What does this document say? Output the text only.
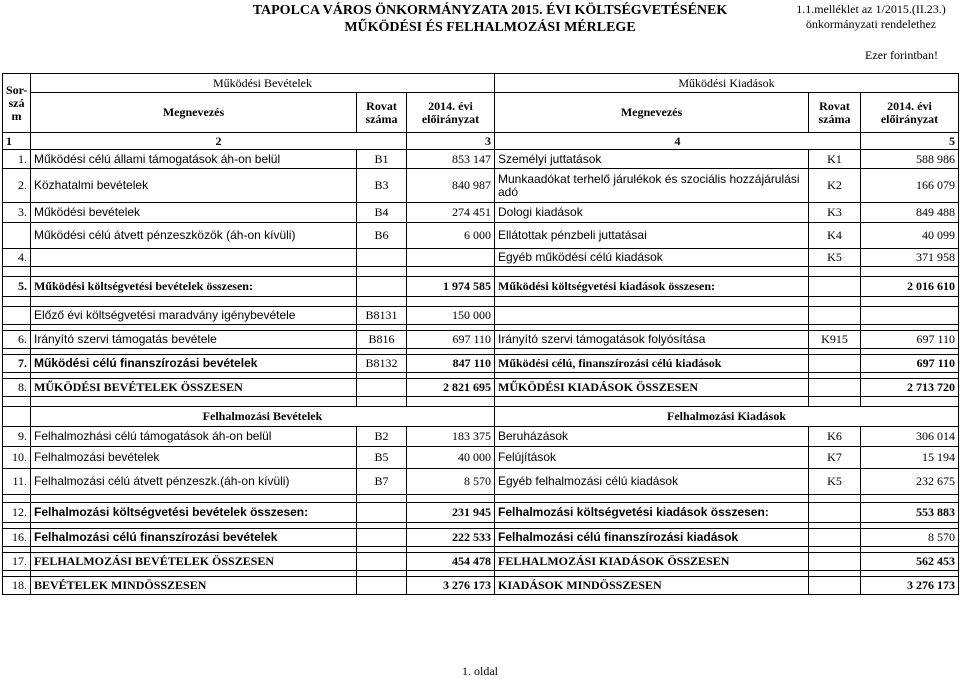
TAPOLCA VÁROS ÖNKORMÁNYZATA 2015. ÉVI KÖLTSÉGVETÉSÉNEK
MŰKÖDÉSI ÉS FELHALMOZÁSI MÉRLEGE
1.1.melléklet az 1/2015.(II.23.)
önkormányzati rendelethez
Ezer forintban!
Sor-szá m	Működési Bevételek			Működési Kiadások		
	Megnevezés	Rovat száma	2014. évi előirányzat	Megnevezés	Rovat száma	2014. évi előirányzat
1	2		3	4		5
1.	Működési célú állami támogatások áh-on belül	B1	853 147	Személyi juttatások	K1	588 986
2.	Közhatalmi bevételek	B3	840 987	Munkaadókat terhelő járulékok és szociális hozzájárulási adó	K2	166 079
3.	Működési bevételek	B4	274 451	Dologi kiadások	K3	849 488
	Működési célú átvett pénzeszközök (áh-on kívüli)	B6	6 000	Ellátottak pénzbeli juttatásai	K4	40 099
4.				Egyéb működési célú kiadások	K5	371 958

5.	Működési költségvetési bevételek összesen:		1 974 585	Működési költségvetési kiadások összesen:		2 016 610

	Előző évi költségvetési maradvány igénybevétele	B8131	150 000			

6.	Irányító szervi támogatás bevétele	B816	697 110	Irányító szervi támogatások folyósítása	K915	697 110

7.	Működési célú finanszírozási bevételek	B8132	847 110	Működési célú, finanszírozási célú kiadások		697 110

8.	MŰKÖDÉSI BEVÉTELEK ÖSSZESEN		2 821 695	MŰKÖDÉSI KIADÁSOK ÖSSZESEN		2 713 720

	Felhalmozási Bevételek			Felhalmozási Kiadások		
9.	Felhalmozhási célú támogatások áh-on belül	B2	183 375	Beruházások	K6	306 014
10.	Felhalmozási bevételek	B5	40 000	Felújítások	K7	15 194
11.	Felhalmozási célú átvett pénzeszk.(áh-on kívüli)	B7	8 570	Egyéb felhalmozási célú kiadások	K5	232 675

12.	Felhalmozási költségvetési bevételek összesen:		231 945	Felhalmozási költségvetési kiadások összesen:		553 883

16.	Felhalmozási célú finanszírozási bevételek		222 533	Felhalmozási célú finanszírozási kiadások		8 570

17.	FELHALMOZÁSI BEVÉTELEK ÖSSZESEN		454 478	FELHALMOZÁSI KIADÁSOK ÖSSZESEN		562 453

18.	BEVÉTELEK MINDÖSSZESEN		3 276 173	KIADÁSOK MINDÖSSZESEN		3 276 173
1. oldal
